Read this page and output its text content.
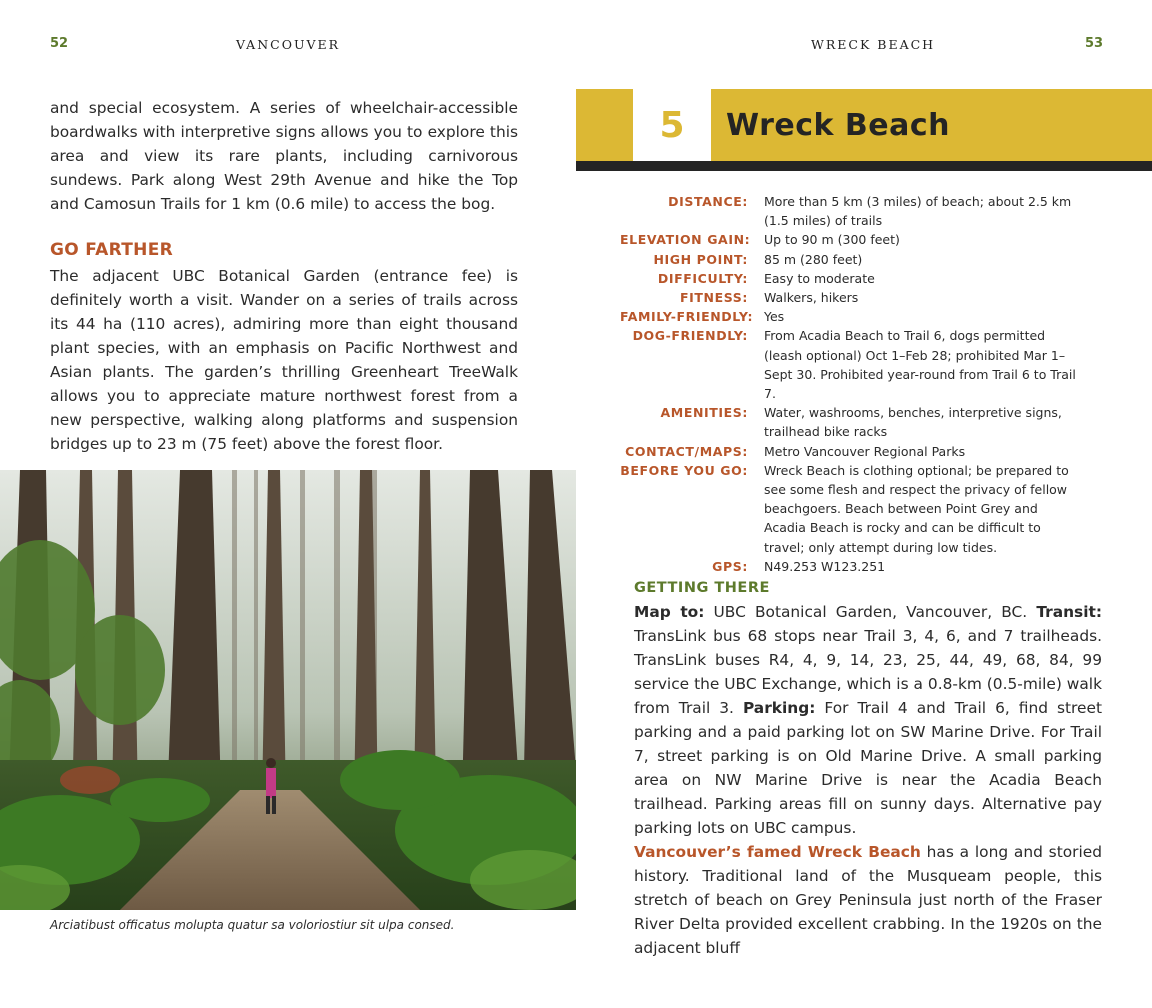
52	VANCOUVER

and special ecosystem. A series of wheelchair-accessible boardwalks with interpretive signs allows you to explore this area and view its rare plants, including carnivorous sundews. Park along West 29th Avenue and hike the Top and Camosun Trails for 1 km (0.6 mile) to access the bog.

GO FARTHER

The adjacent UBC Botanical Garden (entrance fee) is definitely worth a visit. Wander on a series of trails across its 44 ha (110 acres), admiring more than eight thousand plant species, with an emphasis on Pacific Northwest and Asian plants. The garden’s thrilling Greenheart TreeWalk allows you to appreciate mature northwest forest from a new perspective, walking along platforms and suspension bridges up to 23 m (75 feet) above the forest floor.

Arciatibust officatus molupta quatur sa voloriostiur sit ulpa consed.
WRECK BEACH	53
5 Wreck Beach
DISTANCE:	More than 5 km (3 miles) of beach; about 2.5 km (1.5 miles) of trails
ELEVATION GAIN:	Up to 90 m (300 feet)
HIGH POINT:	85 m (280 feet)
DIFFICULTY:	Easy to moderate
FITNESS:	Walkers, hikers
FAMILY-FRIENDLY: Yes
DOG-FRIENDLY:	From Acadia Beach to Trail 6, dogs permitted (leash optional) Oct 1–Feb 28; prohibited Mar 1–Sept 30. Prohibited year-round from Trail 6 to Trail 7.
AMENITIES:	Water, washrooms, benches, interpretive signs, trailhead bike racks
CONTACT/MAPS:	Metro Vancouver Regional Parks
BEFORE YOU GO:	Wreck Beach is clothing optional; be prepared to see some flesh and respect the privacy of fellow beachgoers. Beach between Point Grey and Acadia Beach is rocky and can be difficult to travel; only attempt during low tides.
GPS:	N49.253 W123.251
GETTING THERE

Map to: UBC Botanical Garden, Vancouver, BC. Transit: TransLink bus 68 stops near Trail 3, 4, 6, and 7 trailheads. TransLink buses R4, 4, 9, 14, 23, 25, 44, 49, 68, 84, 99 service the UBC Exchange, which is a 0.8-km (0.5-mile) walk from Trail 3. Parking: For Trail 4 and Trail 6, find street parking and a paid parking lot on SW Marine Drive. For Trail 7, street parking is on Old Marine Drive. A small parking area on NW Marine Drive is near the Acadia Beach trailhead. Parking areas fill on sunny days. Alternative pay parking lots on UBC campus.

Vancouver’s famed Wreck Beach has a long and storied history. Traditional land of the Musqueam people, this stretch of beach on Grey Peninsula just north of the Fraser River Delta provided excellent crabbing. In the 1920s on the adjacent bluff
